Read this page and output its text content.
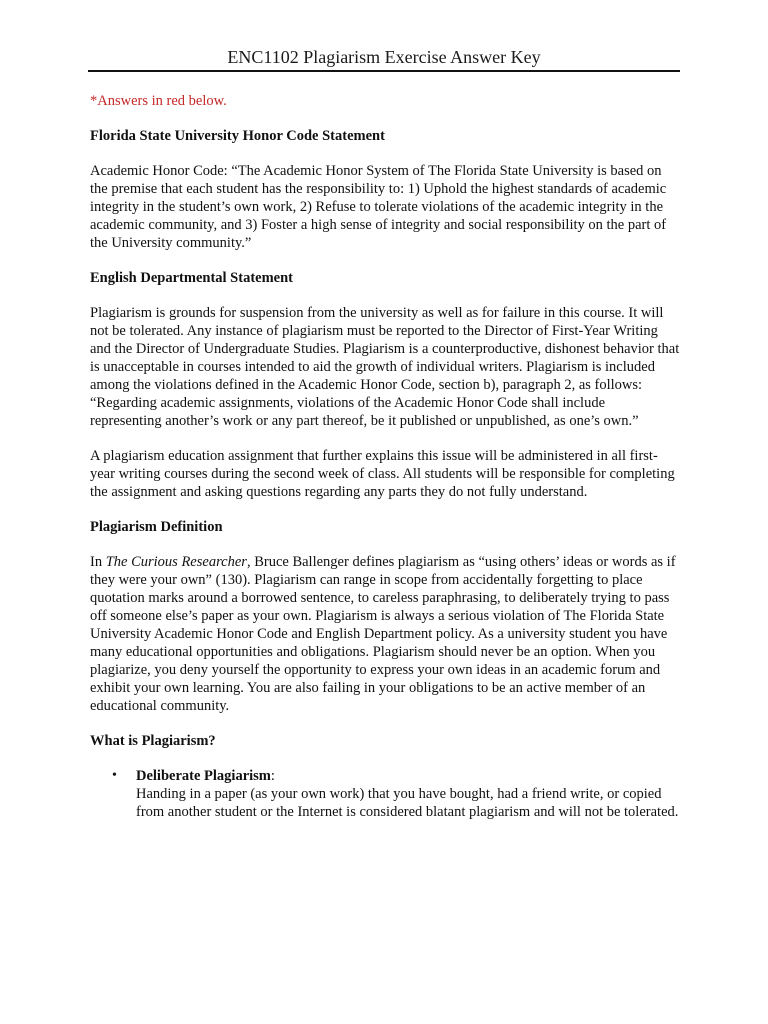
ENC1102 Plagiarism Exercise Answer Key

*Answers in red below.

Florida State University Honor Code Statement

Academic Honor Code: “The Academic Honor System of The Florida State University is based on the premise that each student has the responsibility to: 1) Uphold the highest standards of academic integrity in the student’s own work, 2) Refuse to tolerate violations of the academic integrity in the academic community, and 3) Foster a high sense of integrity and social responsibility on the part of the University community.”

English Departmental Statement

Plagiarism is grounds for suspension from the university as well as for failure in this course. It will not be tolerated. Any instance of plagiarism must be reported to the Director of First-Year Writing and the Director of Undergraduate Studies. Plagiarism is a counterproductive, dishonest behavior that is unacceptable in courses intended to aid the growth of individual writers. Plagiarism is included among the violations defined in the Academic Honor Code, section b), paragraph 2, as follows: “Regarding academic assignments, violations of the Academic Honor Code shall include representing another’s work or any part thereof, be it published or unpublished, as one’s own.”

A plagiarism education assignment that further explains this issue will be administered in all first-year writing courses during the second week of class. All students will be responsible for completing the assignment and asking questions regarding any parts they do not fully understand.

Plagiarism Definition

In The Curious Researcher, Bruce Ballenger defines plagiarism as “using others’ ideas or words as if they were your own” (130). Plagiarism can range in scope from accidentally forgetting to place quotation marks around a borrowed sentence, to careless paraphrasing, to deliberately trying to pass off someone else’s paper as your own. Plagiarism is always a serious violation of The Florida State University Academic Honor Code and English Department policy. As a university student you have many educational opportunities and obligations. Plagiarism should never be an option. When you plagiarize, you deny yourself the opportunity to express your own ideas in an academic forum and exhibit your own learning. You are also failing in your obligations to be an active member of an educational community.

What is Plagiarism?

• Deliberate Plagiarism:
Handing in a paper (as your own work) that you have bought, had a friend write, or copied from another student or the Internet is considered blatant plagiarism and will not be tolerated.
